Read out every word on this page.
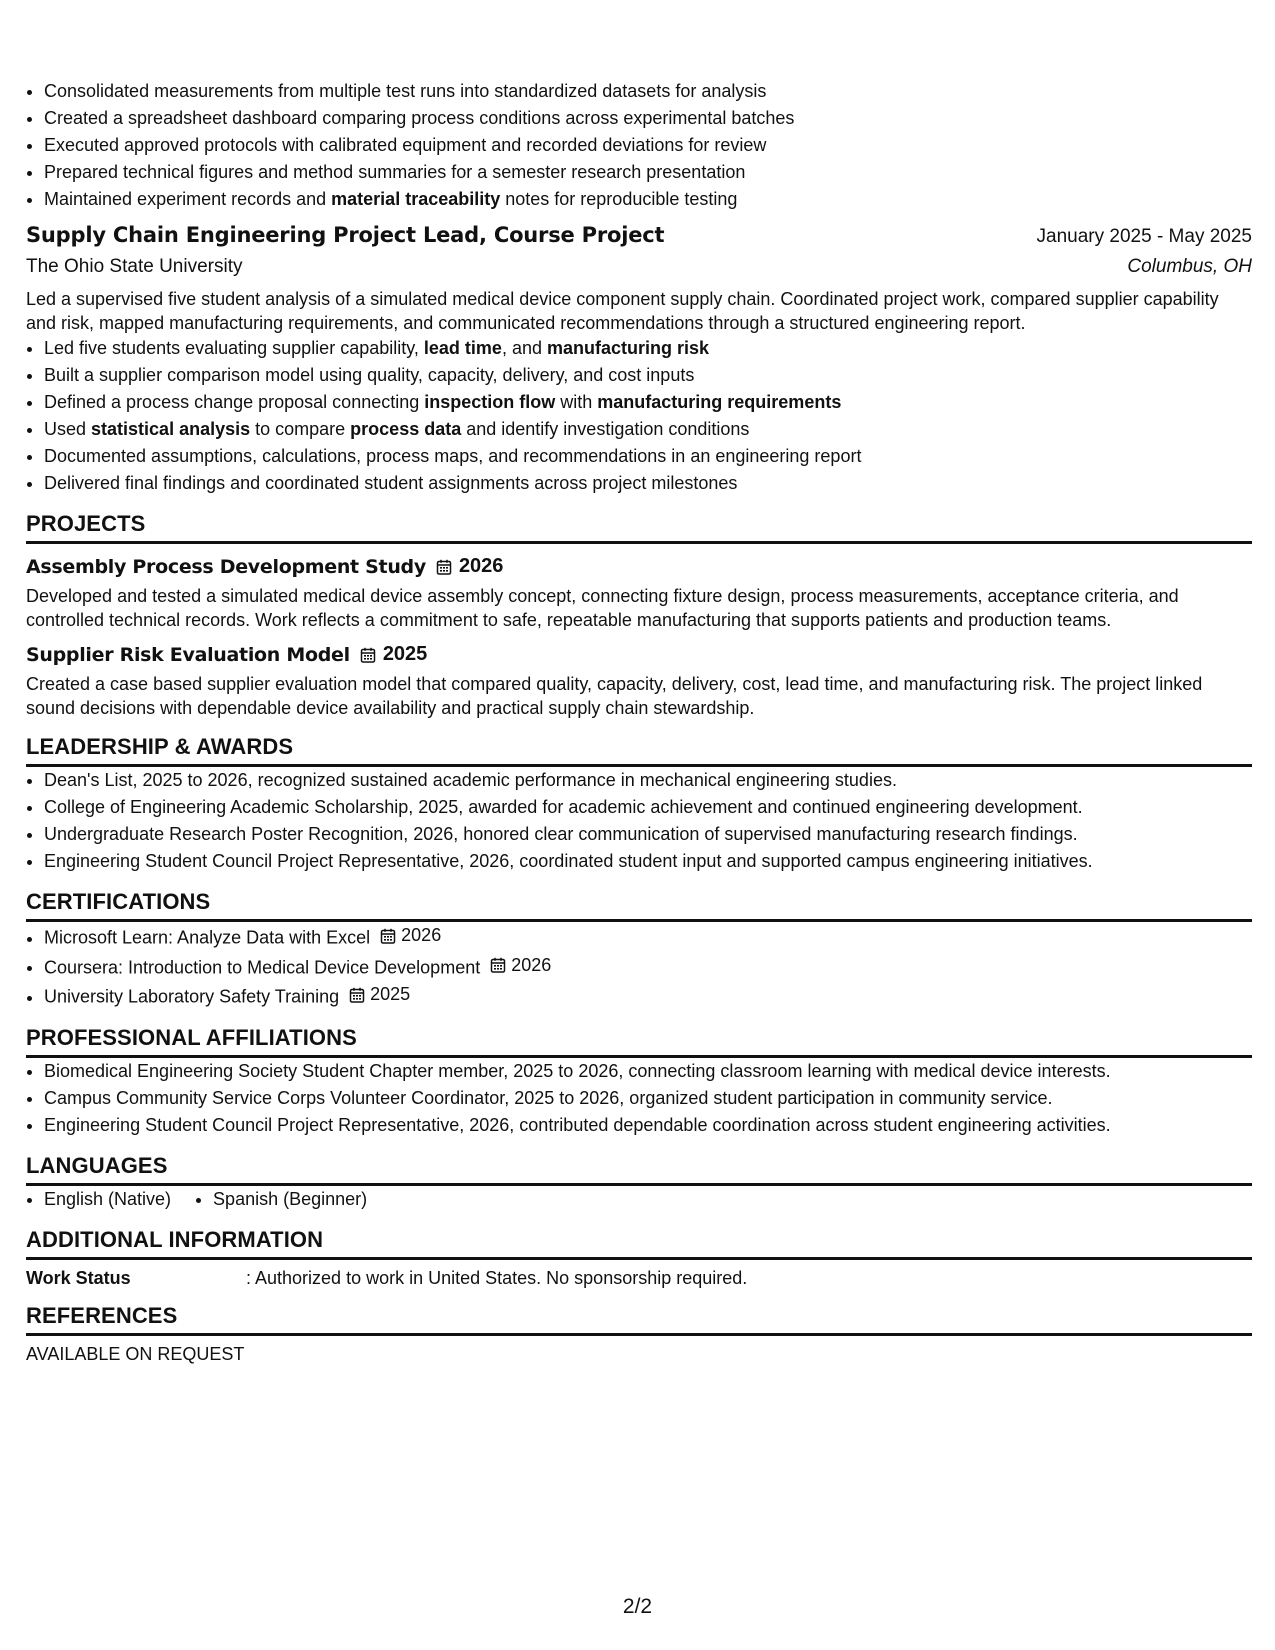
• Consolidated measurements from multiple test runs into standardized datasets for analysis
• Created a spreadsheet dashboard comparing process conditions across experimental batches
• Executed approved protocols with calibrated equipment and recorded deviations for review
• Prepared technical figures and method summaries for a semester research presentation
• Maintained experiment records and material traceability notes for reproducible testing
Supply Chain Engineering Project Lead, Course Project	January 2025 - May 2025
The Ohio State University	Columbus, OH
Led a supervised five student analysis of a simulated medical device component supply chain. Coordinated project work, compared supplier capability and risk, mapped manufacturing requirements, and communicated recommendations through a structured engineering report.
• Led five students evaluating supplier capability, lead time, and manufacturing risk
• Built a supplier comparison model using quality, capacity, delivery, and cost inputs
• Defined a process change proposal connecting inspection flow with manufacturing requirements
• Used statistical analysis to compare process data and identify investigation conditions
• Documented assumptions, calculations, process maps, and recommendations in an engineering report
• Delivered final findings and coordinated student assignments across project milestones
PROJECTS
Assembly Process Development Study 2026
Developed and tested a simulated medical device assembly concept, connecting fixture design, process measurements, acceptance criteria, and controlled technical records. Work reflects a commitment to safe, repeatable manufacturing that supports patients and production teams.
Supplier Risk Evaluation Model 2025
Created a case based supplier evaluation model that compared quality, capacity, delivery, cost, lead time, and manufacturing risk. The project linked sound decisions with dependable device availability and practical supply chain stewardship.
LEADERSHIP & AWARDS
• Dean's List, 2025 to 2026, recognized sustained academic performance in mechanical engineering studies.
• College of Engineering Academic Scholarship, 2025, awarded for academic achievement and continued engineering development.
• Undergraduate Research Poster Recognition, 2026, honored clear communication of supervised manufacturing research findings.
• Engineering Student Council Project Representative, 2026, coordinated student input and supported campus engineering initiatives.
CERTIFICATIONS
• Microsoft Learn: Analyze Data with Excel 2026
• Coursera: Introduction to Medical Device Development 2026
• University Laboratory Safety Training 2025
PROFESSIONAL AFFILIATIONS
• Biomedical Engineering Society Student Chapter member, 2025 to 2026, connecting classroom learning with medical device interests.
• Campus Community Service Corps Volunteer Coordinator, 2025 to 2026, organized student participation in community service.
• Engineering Student Council Project Representative, 2026, contributed dependable coordination across student engineering activities.
LANGUAGES
• English (Native)
• Spanish (Beginner)
ADDITIONAL INFORMATION
Work Status	: Authorized to work in United States. No sponsorship required.
REFERENCES
AVAILABLE ON REQUEST
2/2
